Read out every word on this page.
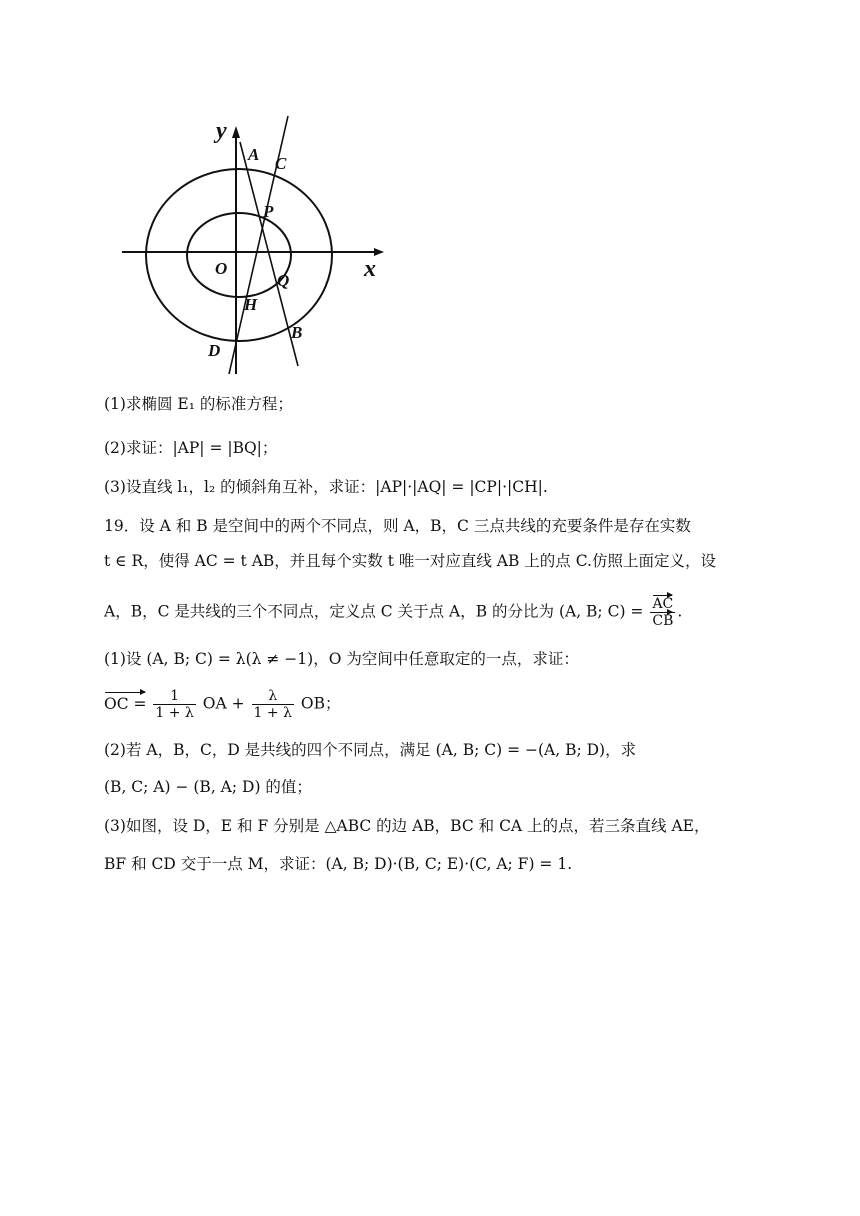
y
x
O
A C
P
Q
H
B
D
(1)求椭圆 E₁ 的标准方程；
(2)求证：|AP| = |BQ|；
(3)设直线 l₁，l₂ 的倾斜角互补，求证：|AP|·|AQ| = |CP|·|CH|.
19．设 A 和 B 是空间中的两个不同点，则 A，B，C 三点共线的充要条件是存在实数
t ∈ R，使得 AC = t AB，并且每个实数 t 唯一对应直线 AB 上的点 C.仿照上面定义，设
A，B，C 是共线的三个不同点，定义点 C 关于点 A，B 的分比为 (A, B; $C) = \frac{AC}{CB}$ .
(1)设 (A, B; C) = λ(λ ≠ −1)，O 为空间中任意取定的一点，求证：
OC = $\frac{1}{1 + \lambda}$ OA + $\frac{\lambda}{1 + \lambda}$ OB；
(2)若 A，B，C，D 是共线的四个不同点，满足 (A, B; C) = −(A, B; D)，求
(B, C; A) − (B, A; D) 的值；
(3)如图，设 D，E 和 F 分别是 △ABC 的边 AB，BC 和 CA 上的点，若三条直线 AE，
BF 和 CD 交于一点 M，求证：(A, B; D)·(B, C; E)·(C, A; F) = 1.
